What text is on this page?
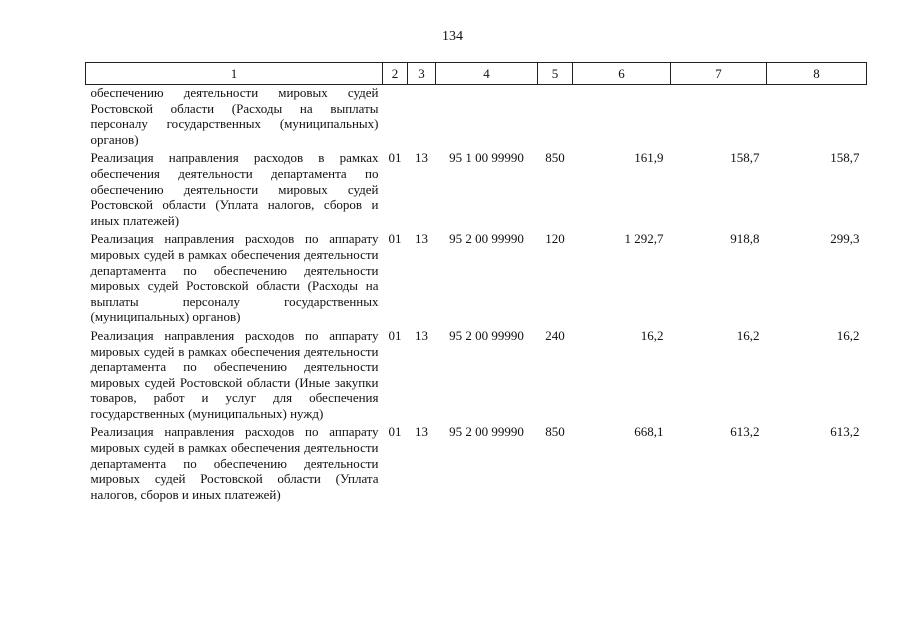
134
1	2	3	4	5	6	7	8
обеспечению деятельности мировых судей Ростовской области (Расходы на выплаты персоналу государственных (муниципальных) органов)							
Реализация направления расходов в рамках обеспечения деятельности департамента по обеспечению деятельности мировых судей Ростовской области (Уплата налогов, сборов и иных платежей)	01	13	95 1 00 99990	850	161,9	158,7	158,7
Реализация направления расходов по аппарату мировых судей в рамках обеспечения деятельности департамента по обеспечению деятельности мировых судей Ростовской области (Расходы на выплаты персоналу государственных (муниципальных) органов)	01	13	95 2 00 99990	120	1 292,7	918,8	299,3
Реализация направления расходов по аппарату мировых судей в рамках обеспечения деятельности департамента по обеспечению деятельности мировых судей Ростовской области (Иные закупки товаров, работ и услуг для обеспечения государственных (муниципальных) нужд)	01	13	95 2 00 99990	240	16,2	16,2	16,2
Реализация направления расходов по аппарату мировых судей в рамках обеспечения деятельности департамента по обеспечению деятельности мировых судей Ростовской области (Уплата налогов, сборов и иных платежей)	01	13	95 2 00 99990	850	668,1	613,2	613,2
